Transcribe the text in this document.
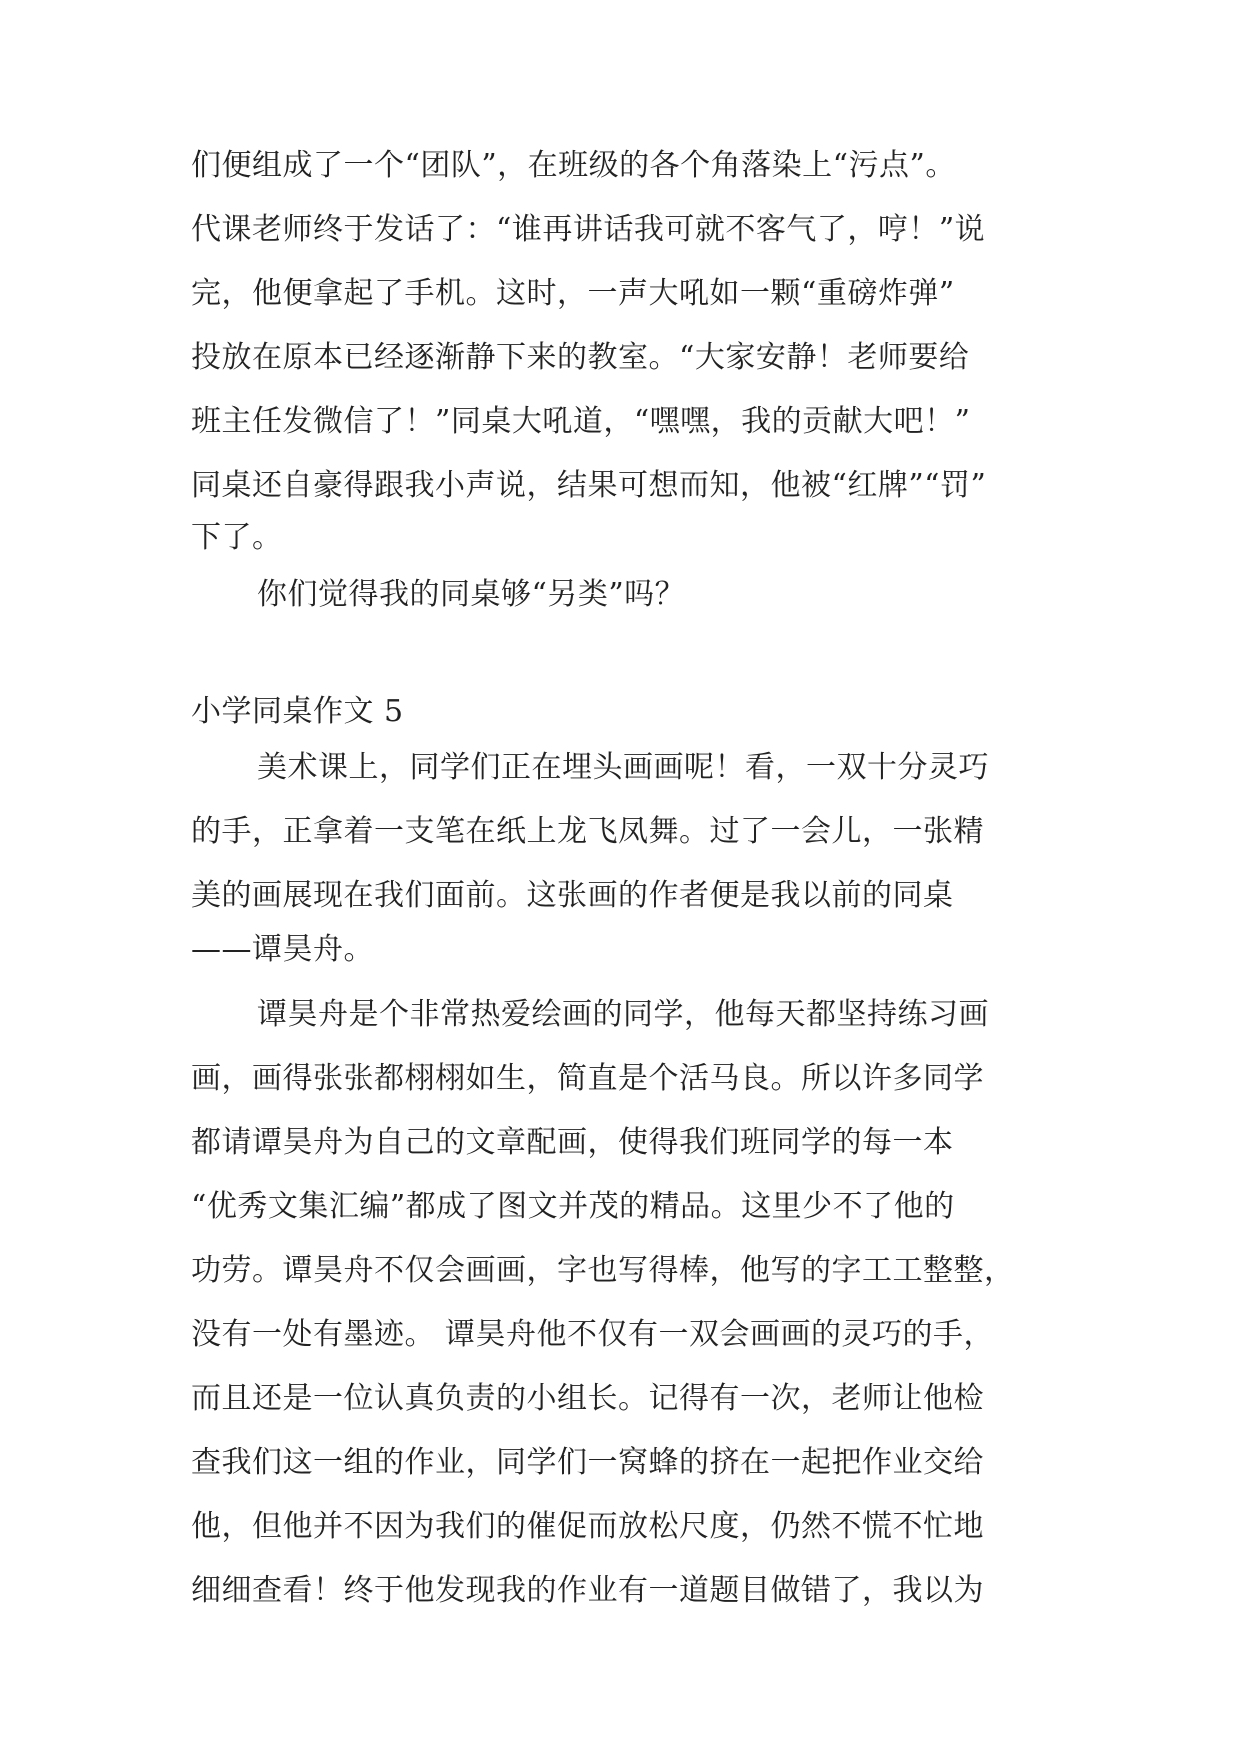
们便组成了一个“团队”，在班级的各个角落染上“污点”。
代课老师终于发话了：“谁再讲话我可就不客气了，哼！”说
完，他便拿起了手机。这时，一声大吼如一颗“重磅炸弹”
投放在原本已经逐渐静下来的教室。“大家安静！老师要给
班主任发微信了！”同桌大吼道，“嘿嘿，我的贡献大吧！”
同桌还自豪得跟我小声说，结果可想而知，他被“红牌”“罚”
下了。
你们觉得我的同桌够“另类”吗？
小学同桌作文 5
美术课上，同学们正在埋头画画呢！看，一双十分灵巧
的手，正拿着一支笔在纸上龙飞凤舞。过了一会儿，一张精
美的画展现在我们面前。这张画的作者便是我以前的同桌
——谭昊舟。
谭昊舟是个非常热爱绘画的同学，他每天都坚持练习画
画，画得张张都栩栩如生，简直是个活马良。所以许多同学
都请谭昊舟为自己的文章配画，使得我们班同学的每一本
“优秀文集汇编”都成了图文并茂的精品。这里少不了他的
功劳。谭昊舟不仅会画画，字也写得棒，他写的字工工整整，
没有一处有墨迹。 谭昊舟他不仅有一双会画画的灵巧的手，
而且还是一位认真负责的小组长。记得有一次，老师让他检
查我们这一组的作业，同学们一窝蜂的挤在一起把作业交给
他，但他并不因为我们的催促而放松尺度，仍然不慌不忙地
细细查看！终于他发现我的作业有一道题目做错了，我以为
